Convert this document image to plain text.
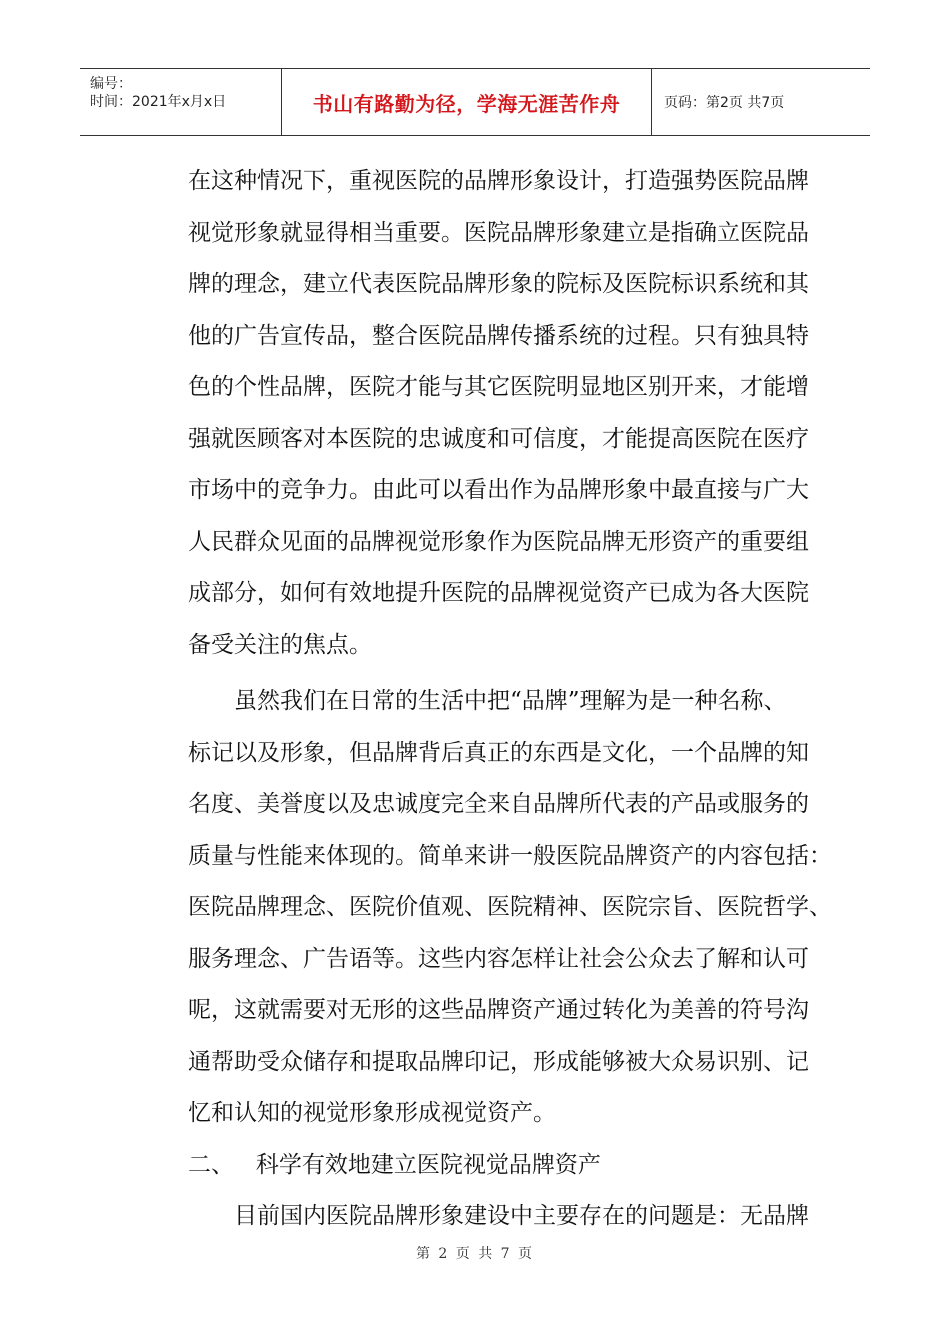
编号：
时间：2021年x月x日	书山有路勤为径，学海无涯苦作舟	页码：第2页 共7页
在这种情况下，重视医院的品牌形象设计，打造强势医院品牌
视觉形象就显得相当重要。医院品牌形象建立是指确立医院品
牌的理念，建立代表医院品牌形象的院标及医院标识系统和其
他的广告宣传品，整合医院品牌传播系统的过程。只有独具特
色的个性品牌，医院才能与其它医院明显地区别开来，才能增
强就医顾客对本医院的忠诚度和可信度，才能提高医院在医疗
市场中的竞争力。由此可以看出作为品牌形象中最直接与广大
人民群众见面的品牌视觉形象作为医院品牌无形资产的重要组
成部分，如何有效地提升医院的品牌视觉资产已成为各大医院
备受关注的焦点。
虽然我们在日常的生活中把“品牌”理解为是一种名称、
标记以及形象，但品牌背后真正的东西是文化，一个品牌的知
名度、美誉度以及忠诚度完全来自品牌所代表的产品或服务的
质量与性能来体现的。简单来讲一般医院品牌资产的内容包括：
医院品牌理念、医院价值观、医院精神、医院宗旨、医院哲学、
服务理念、广告语等。这些内容怎样让社会公众去了解和认可
呢，这就需要对无形的这些品牌资产通过转化为美善的符号沟
通帮助受众储存和提取品牌印记，形成能够被大众易识别、记
忆和认知的视觉形象形成视觉资产。
二、   科学有效地建立医院视觉品牌资产
目前国内医院品牌形象建设中主要存在的问题是：无品牌
第 2 页 共 7 页
